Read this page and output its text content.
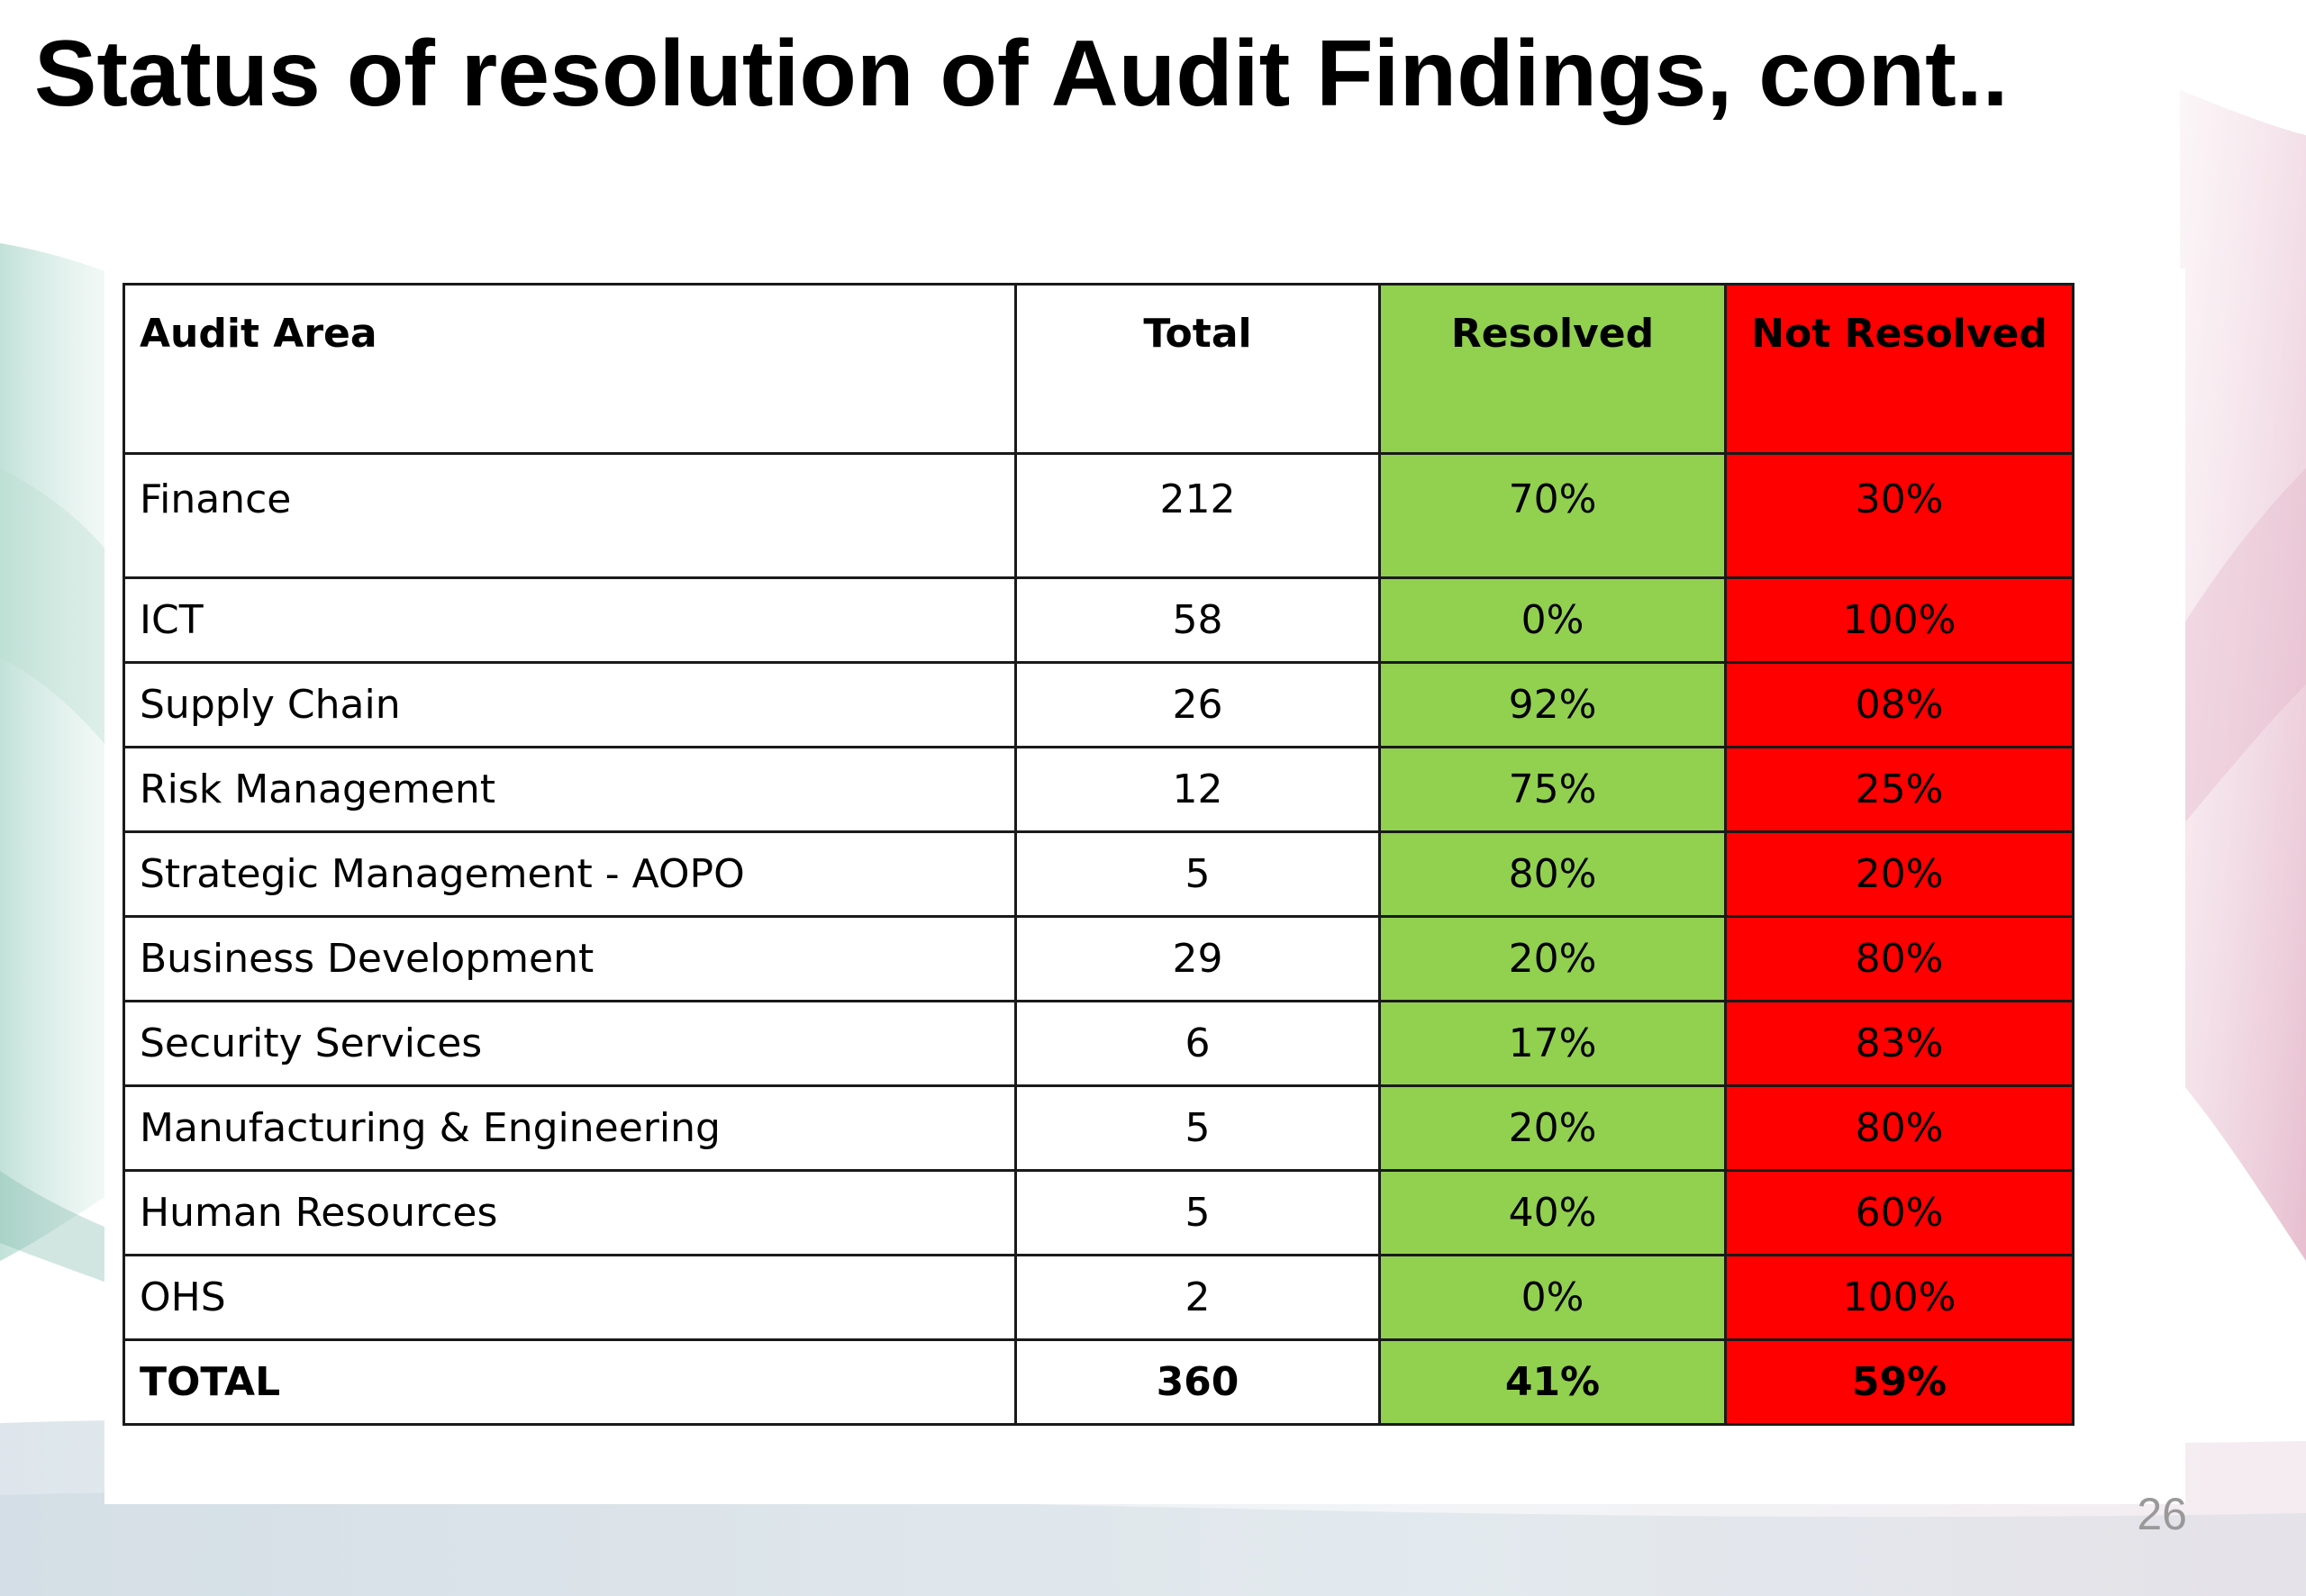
Status of resolution of Audit Findings, cont..
Audit Area	Total	Resolved	Not Resolved
Finance	212	70%	30%
ICT	58	0%	100%
Supply Chain	26	92%	08%
Risk Management	12	75%	25%
Strategic Management - AOPO	5	80%	20%
Business Development	29	20%	80%
Security Services	6	17%	83%
Manufacturing & Engineering	5	20%	80%
Human Resources	5	40%	60%
OHS	2	0%	100%
TOTAL	360	41%	59%
26
